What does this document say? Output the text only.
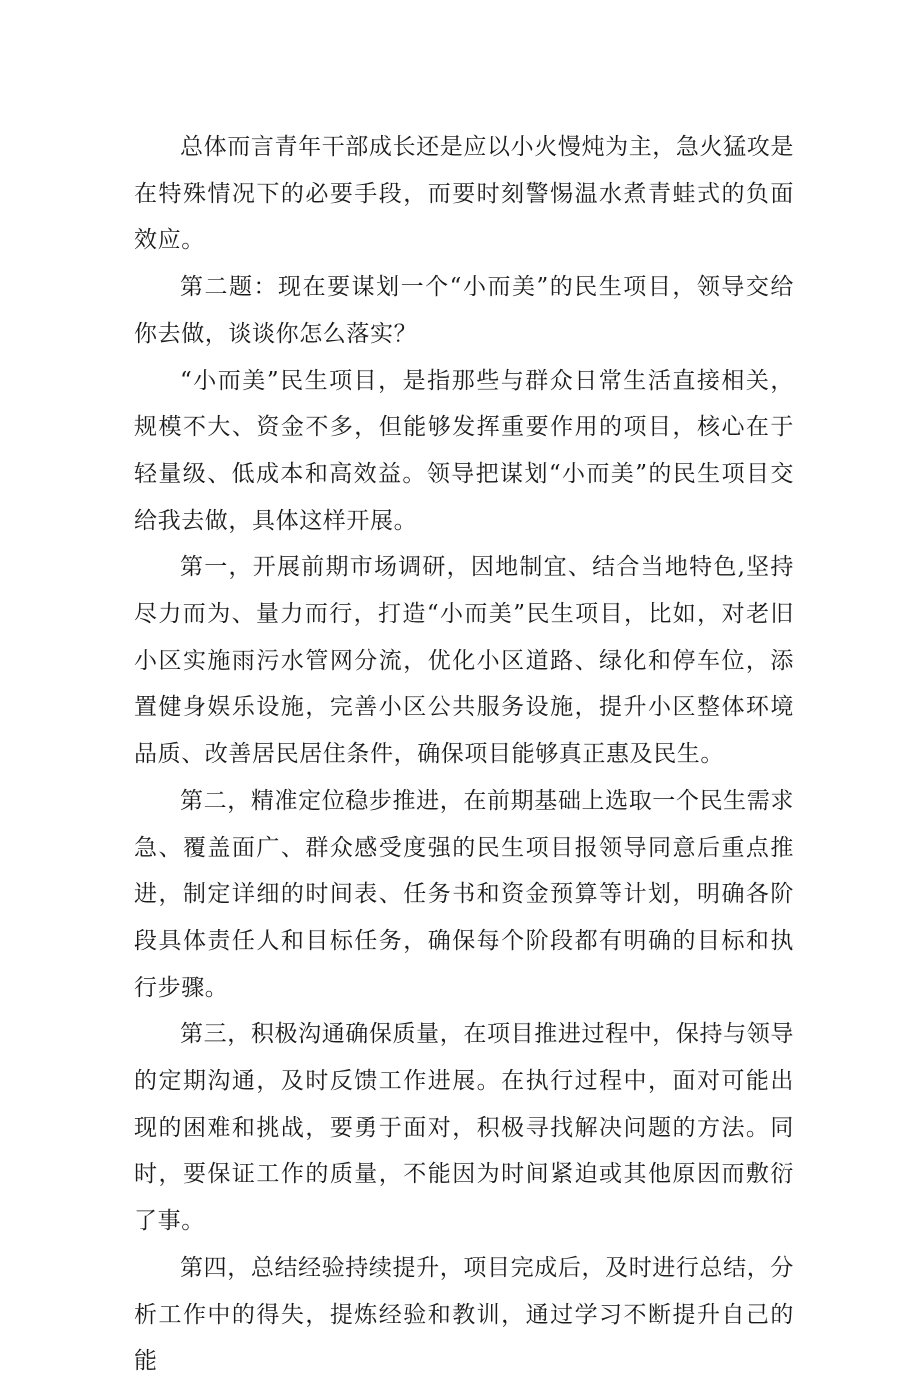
总体而言青年干部成长还是应以小火慢炖为主，急火猛攻是在特殊情况下的必要手段，而要时刻警惕温水煮青蛙式的负面效应。

第二题：现在要谋划一个“小而美”的民生项目，领导交给你去做，谈谈你怎么落实？

“小而美”民生项目，是指那些与群众日常生活直接相关，规模不大、资金不多，但能够发挥重要作用的项目，核心在于轻量级、低成本和高效益。领导把谋划“小而美”的民生项目交给我去做，具体这样开展。

第一，开展前期市场调研，因地制宜、结合当地特色,坚持尽力而为、量力而行，打造“小而美”民生项目，比如，对老旧小区实施雨污水管网分流，优化小区道路、绿化和停车位，添置健身娱乐设施，完善小区公共服务设施，提升小区整体环境品质、改善居民居住条件，确保项目能够真正惠及民生。

第二，精准定位稳步推进，在前期基础上选取一个民生需求急、覆盖面广、群众感受度强的民生项目报领导同意后重点推进，制定详细的时间表、任务书和资金预算等计划，明确各阶段具体责任人和目标任务，确保每个阶段都有明确的目标和执行步骤。

第三，积极沟通确保质量，在项目推进过程中，保持与领导的定期沟通，及时反馈工作进展。在执行过程中，面对可能出现的困难和挑战，要勇于面对，积极寻找解决问题的方法。同时，要保证工作的质量，不能因为时间紧迫或其他原因而敷衍了事。

第四，总结经验持续提升，项目完成后，及时进行总结，分析工作中的得失，提炼经验和教训，通过学习不断提升自己的能
